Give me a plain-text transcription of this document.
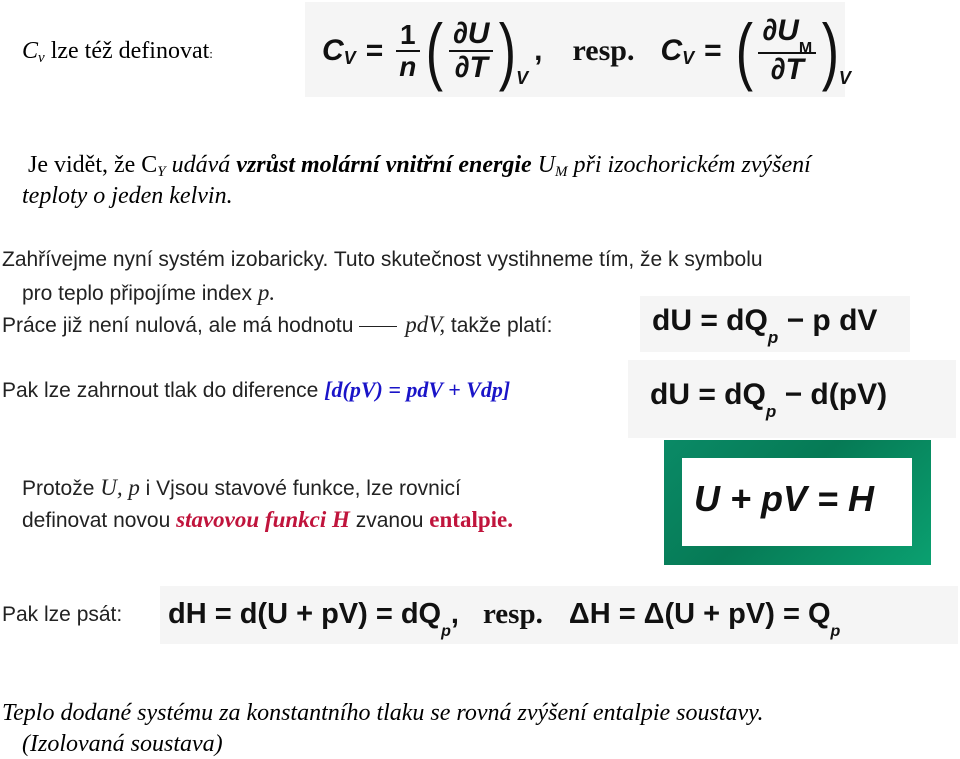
$C_v$ lze též definovat:	C $_V = \frac{1}{n}$ ( $\frac{\partial U}{\partial T}$ ) $_V$
, resp. C $_V$ = ( $\frac{\partial U_M}{\partial T}$ ) $_V$
Je vidět, že $C_Y$ udává vzrůst molární vnitřní energie $U_M$ při izochorickém zvýšení
teploty o jeden kelvin.
Zahřívejme nyní systém izobaricky. Tuto skutečnost vystihneme tím, že k symbolu
pro teplo připojíme index p.
Práce již není nulová, ale má hodnotu pdV, takže platí:	dU = $dQ_p - p$ dV
Pak lze zahrnout tlak do diference [d(pV) = pdV + Vdp]	dU = $dQ_p - d(pV)$
Protože U, p i Vjsou stavové funkce, lze rovnicí
definovat novou stavovou funkci H zvanou entalpie.
U + pV = H
Pak lze psát: dH = $d(U + pV) = dQ_p$, resp. $\Delta H = \Delta(U + pV) = Q_p$
Teplo dodané systému za konstantního tlaku se rovná zvýšení entalpie soustavy.
(Izolovaná soustava)
